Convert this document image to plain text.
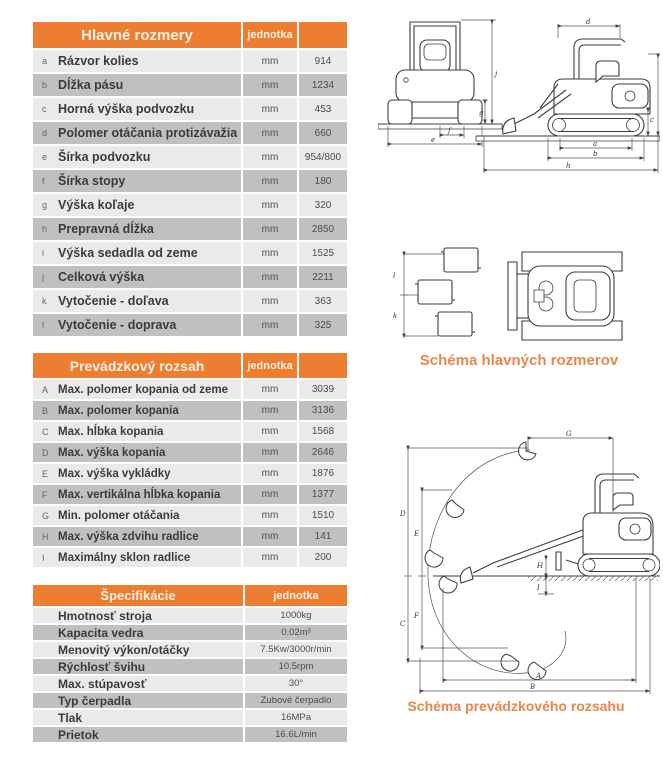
Hlavné rozmery	jednotka
a Rázvor kolies	mm	914
b Dĺžka pásu	mm	1234
c Horná výška podvozku	mm	453
d Polomer otáčania protizávažia	mm	660
e Šírka podvozku	mm	954/800
f	Šírka stopy	mm	180
g Výška koľaje	mm	320
h Prepravná dĺžka	mm	2850
i	Výška sedadla od zeme	mm	1525
j	Celková výška	mm	2211
k Vytočenie - doľava	mm	363
l	Vytočenie - doprava	mm	325
Prevádzkový rozsah	jednotka
A Max. polomer kopania od zeme	mm	3039
B Max. polomer kopania	mm	3136
C Max. hĺbka kopania	mm	1568
D Max. výška kopania	mm	2646
E Max. výška vykládky	mm	1876
F Max. vertikálna hĺbka kopania	mm	1377
G Min. polomer otáčania	mm	1510
H Max. výška zdvihu radlice	mm	141
I	Maximálny sklon radlice	mm	200
Špecifikácie	jednotka
Hmotnosť stroja	1000kg
Kapacita vedra	0.02m³
Menovitý výkon/otáčky	7.5Kw/3000r/min
Rýchlosť švihu	10.5rpm
Max. stúpavosť	30°
Typ čerpadla	Zubové čerpadlo
Tlak	16MPa
Prietok	16.6L/min
j
g
f
e
d
c
a
b
h
l
k
Schéma hlavných rozmerov
H
I
G
D
C
E
F
A
B
Schéma prevádzkového rozsahu
